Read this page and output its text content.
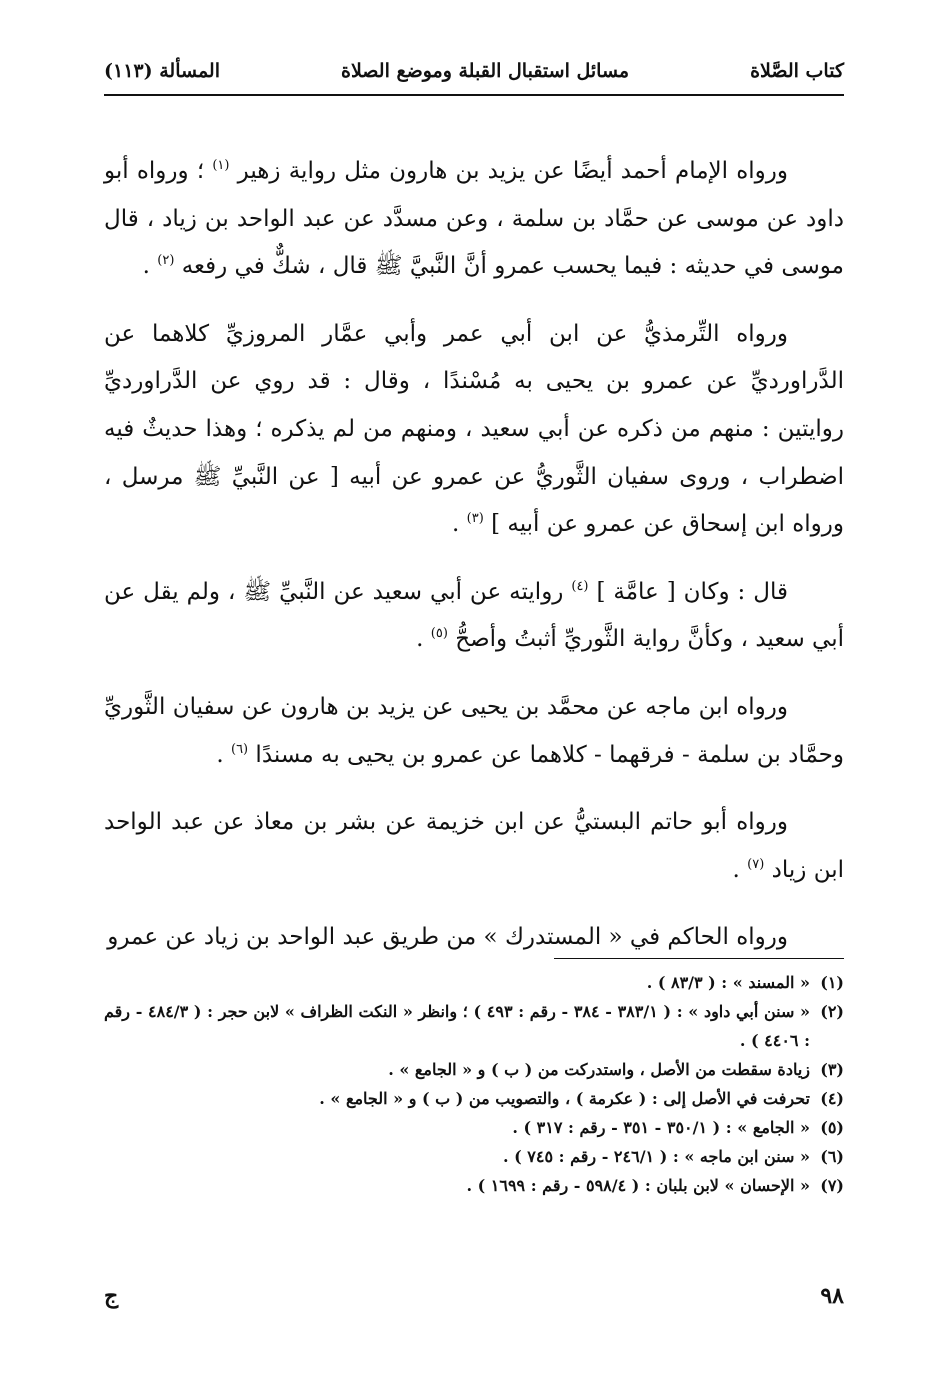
كتاب الصَّلاة
مسائل استقبال القبلة وموضع الصلاة
المسألة (١١٣)

ورواه الإمام أحمد أيضًا عن يزيد بن هارون مثل رواية زهير $^{(١)}$ ؛ ورواه أبو داود عن موسى عن حمَّاد بن سلمة ، وعن مسدَّد عن عبد الواحد بن زياد ، قال موسى في حديثه : فيما يحسب عمرو أنَّ النَّبيَّ ﷺ قال ، شكٌّ في رفعه $^{(٢)}$ .

ورواه التِّرمذيُّ عن ابن أبي عمر وأبي عمَّار المروزيِّ كلاهما عن الدَّراورديِّ عن عمرو بن يحيى به مُسْندًا ، وقال : قد روي عن الدَّراورديِّ روايتين : منهم من ذكره عن أبي سعيد ، ومنهم من لم يذكره ؛ وهذا حديثٌ فيه اضطراب ، وروى سفيان الثَّوريُّ عن عمرو عن أبيه [ عن النَّبيِّ ﷺ مرسل ، ورواه ابن إسحاق عن عمرو عن أبيه ] $^{(٣)}$ .

قال : وكان [ عامَّة ] $^{(٤)}$ روايته عن أبي سعيد عن النَّبيِّ ﷺ ، ولم يقل عن أبي سعيد ، وكأنَّ رواية الثَّوريِّ أثبتُ وأصحُّ $^{(٥)}$ .

ورواه ابن ماجه عن محمَّد بن يحيى عن يزيد بن هارون عن سفيان الثَّوريِّ وحمَّاد بن سلمة - فرقهما - كلاهما عن عمرو بن يحيى به مسندًا $^{(٦)}$ .

ورواه أبو حاتم البستيُّ عن ابن خزيمة عن بشر بن معاذ عن عبد الواحد ابن زياد $^{(٧)}$ .

ورواه الحاكم في « المستدرك » من طريق عبد الواحد بن زياد عن عمرو

(١)
« المسند » : ( ٨٣/٣ ) .
(٢)
« سنن أبي داود » : ( ٣٨٣/١ - ٣٨٤ - رقم : ٤٩٣ ) ؛ وانظر « النكت الظراف » لابن حجر : ( ٤٨٤/٣ - رقم : ٤٤٠٦ ) .
(٣)
زيادة سقطت من الأصل ، واستدركت من ( ب ) و « الجامع » .
(٤)
تحرفت في الأصل إلى : ( عكرمة ) ، والتصويب من ( ب ) و « الجامع » .
(٥)
« الجامع » : ( ٣٥٠/١ - ٣٥١ - رقم : ٣١٧ ) .
(٦)
« سنن ابن ماجه » : ( ٢٤٦/١ - رقم : ٧٤٥ ) .
(٧)
« الإحسان » لابن بلبان : ( ٥٩٨/٤ - رقم : ١٦٩٩ ) .
٩٨
ج
